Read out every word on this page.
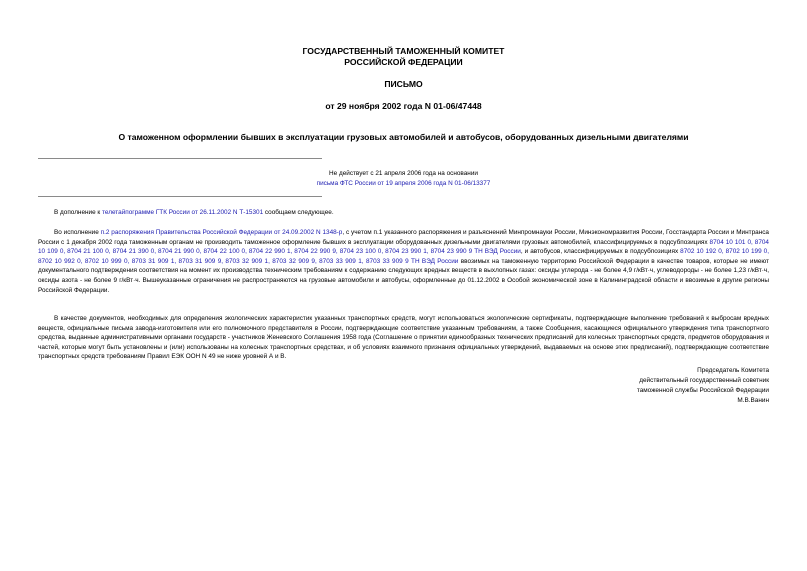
ГОСУДАРСТВЕННЫЙ ТАМОЖЕННЫЙ КОМИТЕТ
РОССИЙСКОЙ ФЕДЕРАЦИИ
ПИСЬМО
от 29 ноября 2002 года N 01-06/47448
О таможенном оформлении бывших в эксплуатации грузовых автомобилей и автобусов, оборудованных дизельными двигателями
Не действует с 21 апреля 2006 года на основании
письма ФТС России от 19 апреля 2006 года N 01-06/13377
В дополнение к телетайпограмме ГТК России от 26.11.2002 N Т-15301 сообщаем следующее.
Во исполнение п.2 распоряжения Правительства Российской Федерации от 24.09.2002 N 1348-р, с учетом п.1 указанного распоряжения и разъяснений Минпромнауки России, Минэкономразвития России, Госстандарта России и Минтранса России с 1 декабря 2002 года таможенным органам не производить таможенное оформление бывших в эксплуатации оборудованных дизельными двигателями грузовых автомобилей, классифицируемых в подсубпозициях 8704 10 101 0, 8704 10 109 0, 8704 21 100 0, 8704 21 390 0, 8704 21 990 0, 8704 22 100 0, 8704 22 990 1, 8704 22 990 9, 8704 23 100 0, 8704 23 990 1, 8704 23 990 9 ТН ВЭД России, и автобусов, классифицируемых в подсубпозициях 8702 10 192 0, 8702 10 199 0, 8702 10 992 0, 8702 10 999 0, 8703 31 909 1, 8703 31 909 9, 8703 32 909 1, 8703 32 909 9, 8703 33 909 1, 8703 33 909 9 ТН ВЭД России ввозимых на таможенную территорию Российской Федерации в качестве товаров, которые не имеют документального подтверждения соответствия на момент их производства техническим требованиям к содержанию следующих вредных веществ в выхлопных газах: оксиды углерода - не более 4,9 г/кВт·ч, углеводороды - не более 1,23 г/кВт·ч, оксиды азота - не более 9 г/кВт·ч. Вышеуказанные ограничения не распространяются на грузовые автомобили и автобусы, оформленные до 01.12.2002 в Особой экономической зоне в Калининградской области и ввозимые в другие регионы Российской Федерации.
В качестве документов, необходимых для определения экологических характеристик указанных транспортных средств, могут использоваться экологические сертификаты, подтверждающие выполнение требований к выбросам вредных веществ, официальные письма завода-изготовителя или его полномочного представителя в России, подтверждающие соответствие указанным требованиям, а также Сообщения, касающиеся официального утверждения типа транспортного средства, выданные административными органами государств - участников Женевского Соглашения 1958 года (Соглашение о принятии единообразных технических предписаний для колесных транспортных средств, предметов оборудования и частей, которые могут быть установлены и (или) использованы на колесных транспортных средствах, и об условиях взаимного признания официальных утверждений, выдаваемых на основе этих предписаний), подтверждающие соответствие транспортных средств требованиям Правил ЕЭК ООН N 49 не ниже уровней А и В.
Председатель Комитета
действительный государственный советник
таможенной службы Российской Федерации
М.В.Ванин
